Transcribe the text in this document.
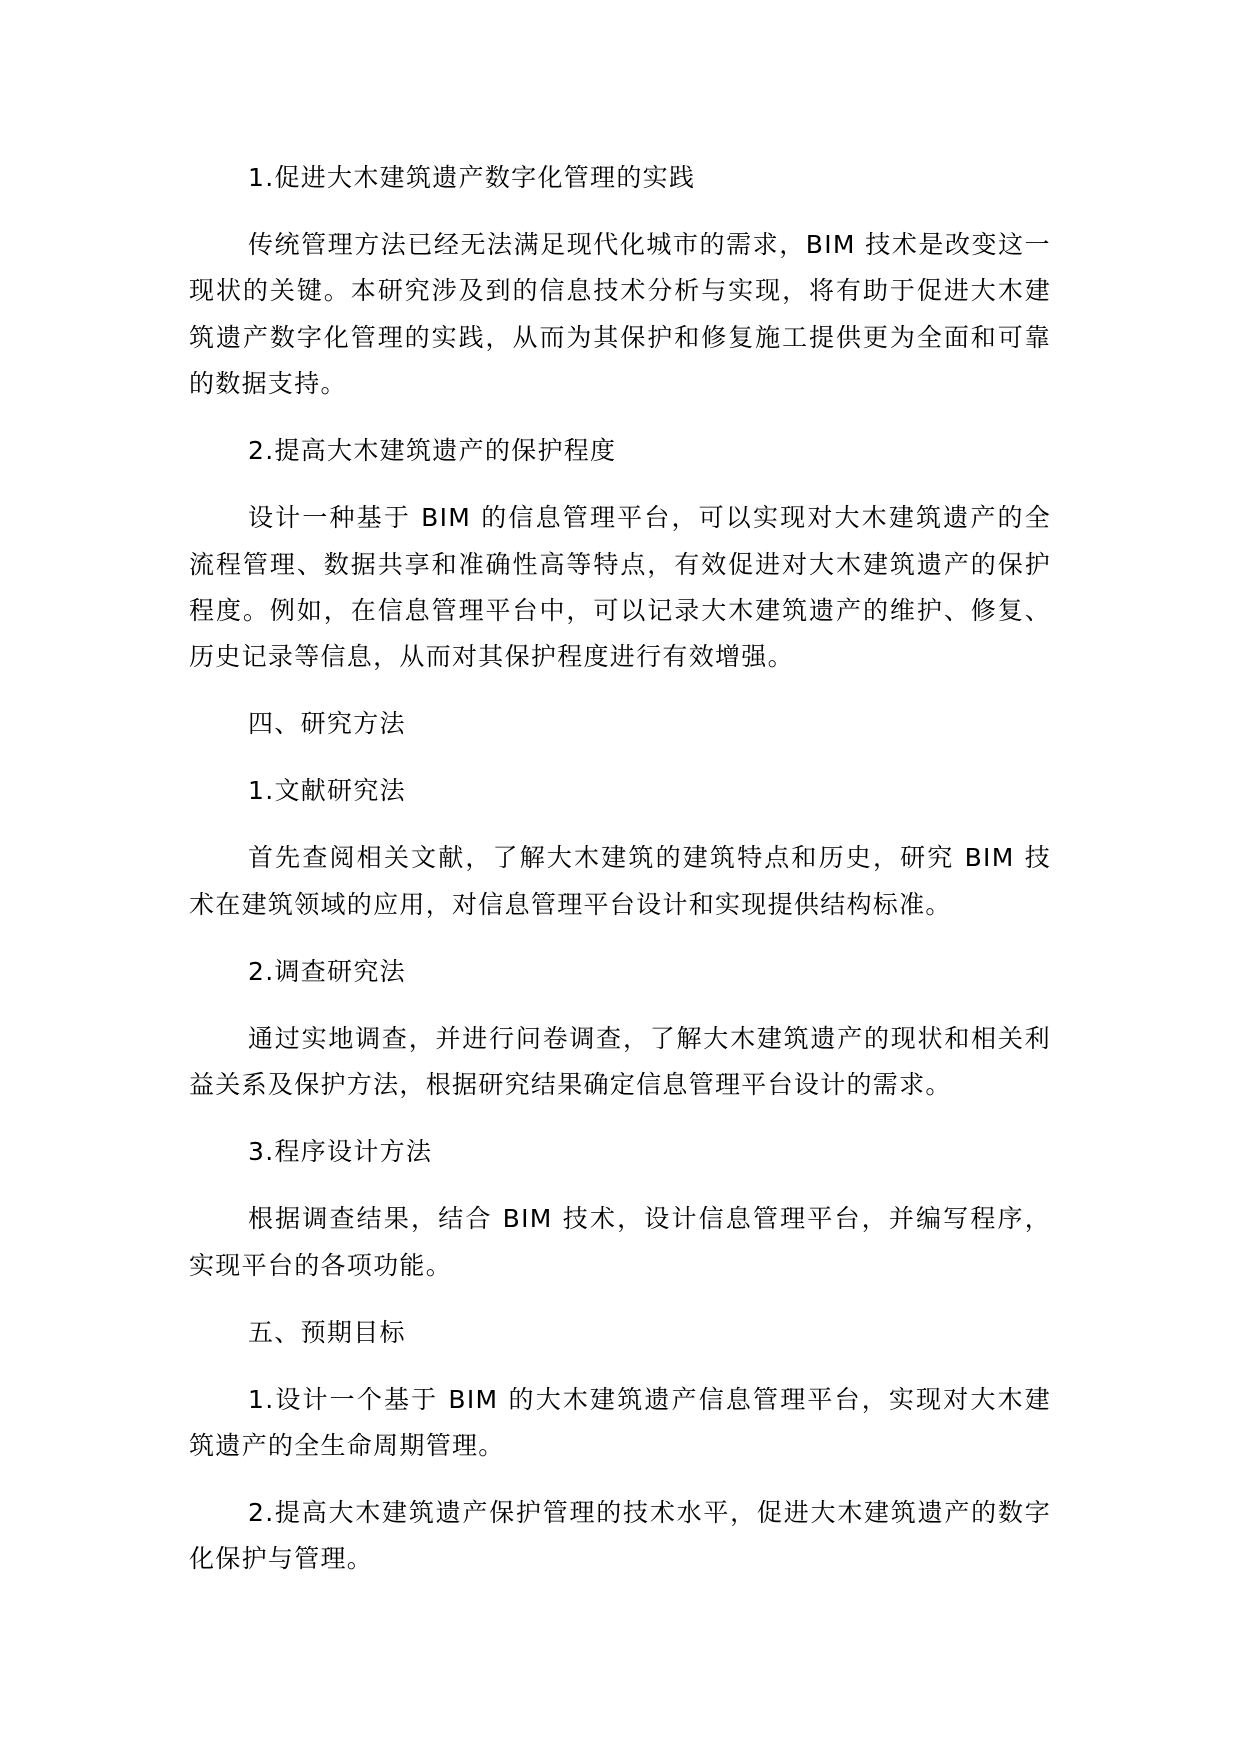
1.促进大木建筑遗产数字化管理的实践

传统管理方法已经无法满足现代化城市的需求，BIM 技术是改变这一现状的关键。本研究涉及到的信息技术分析与实现，将有助于促进大木建筑遗产数字化管理的实践，从而为其保护和修复施工提供更为全面和可靠的数据支持。

2.提高大木建筑遗产的保护程度

设计一种基于 BIM 的信息管理平台，可以实现对大木建筑遗产的全流程管理、数据共享和准确性高等特点，有效促进对大木建筑遗产的保护程度。例如，在信息管理平台中，可以记录大木建筑遗产的维护、修复、历史记录等信息，从而对其保护程度进行有效增强。

四、研究方法

1.文献研究法

首先查阅相关文献，了解大木建筑的建筑特点和历史，研究 BIM 技术在建筑领域的应用，对信息管理平台设计和实现提供结构标准。

2.调查研究法

通过实地调查，并进行问卷调查，了解大木建筑遗产的现状和相关利益关系及保护方法，根据研究结果确定信息管理平台设计的需求。

3.程序设计方法

根据调查结果，结合 BIM 技术，设计信息管理平台，并编写程序，实现平台的各项功能。

五、预期目标

1.设计一个基于 BIM 的大木建筑遗产信息管理平台，实现对大木建筑遗产的全生命周期管理。

2.提高大木建筑遗产保护管理的技术水平，促进大木建筑遗产的数字化保护与管理。
